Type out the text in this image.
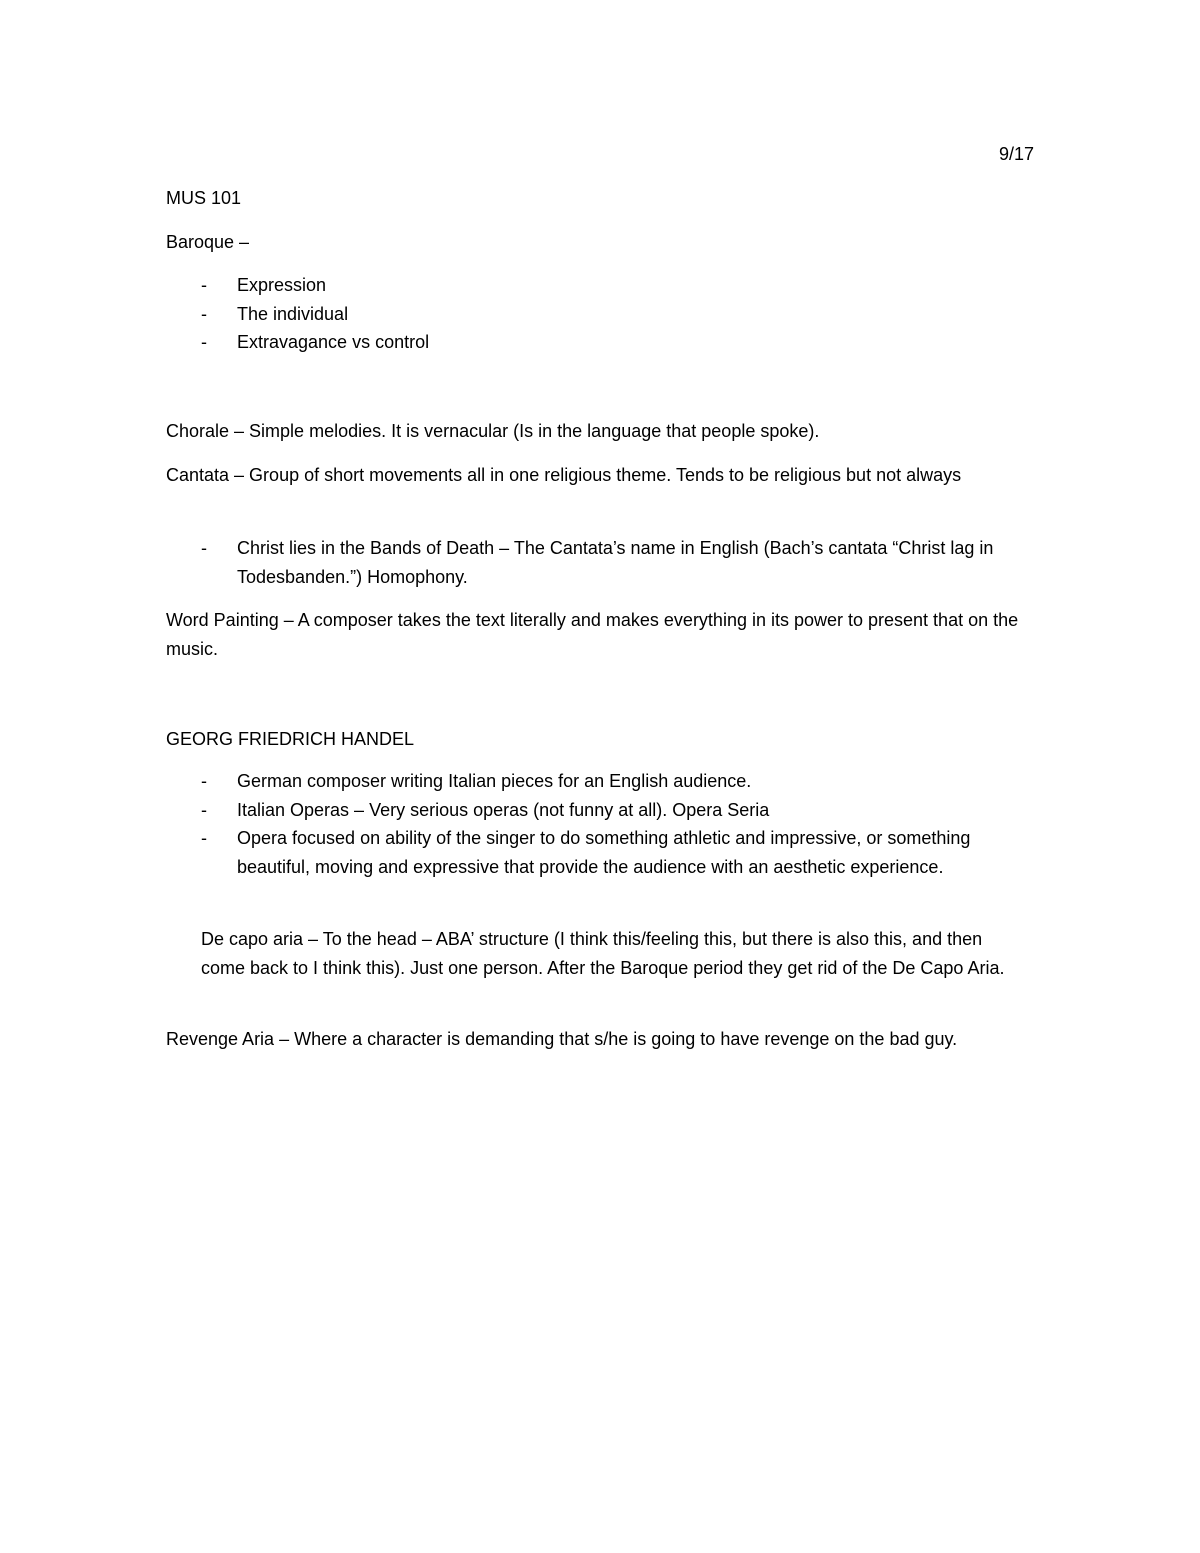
9/17
MUS 101
Baroque –
- Expression
- The individual
- Extravagance vs control
Chorale – Simple melodies. It is vernacular (Is in the language that people spoke).
Cantata – Group of short movements all in one religious theme. Tends to be religious but not always
- Christ lies in the Bands of Death – The Cantata’s name in English (Bach’s cantata “Christ lag in Todesbanden.”) Homophony.
Word Painting – A composer takes the text literally and makes everything in its power to present that on the music.
GEORG FRIEDRICH HANDEL
- German composer writing Italian pieces for an English audience.
- Italian Operas – Very serious operas (not funny at all). Opera Seria
- Opera focused on ability of the singer to do something athletic and impressive, or something beautiful, moving and expressive that provide the audience with an aesthetic experience.
De capo aria – To the head – ABA’ structure (I think this/feeling this, but there is also this, and then come back to I think this). Just one person. After the Baroque period they get rid of the De Capo Aria.
Revenge Aria – Where a character is demanding that s/he is going to have revenge on the bad guy.
